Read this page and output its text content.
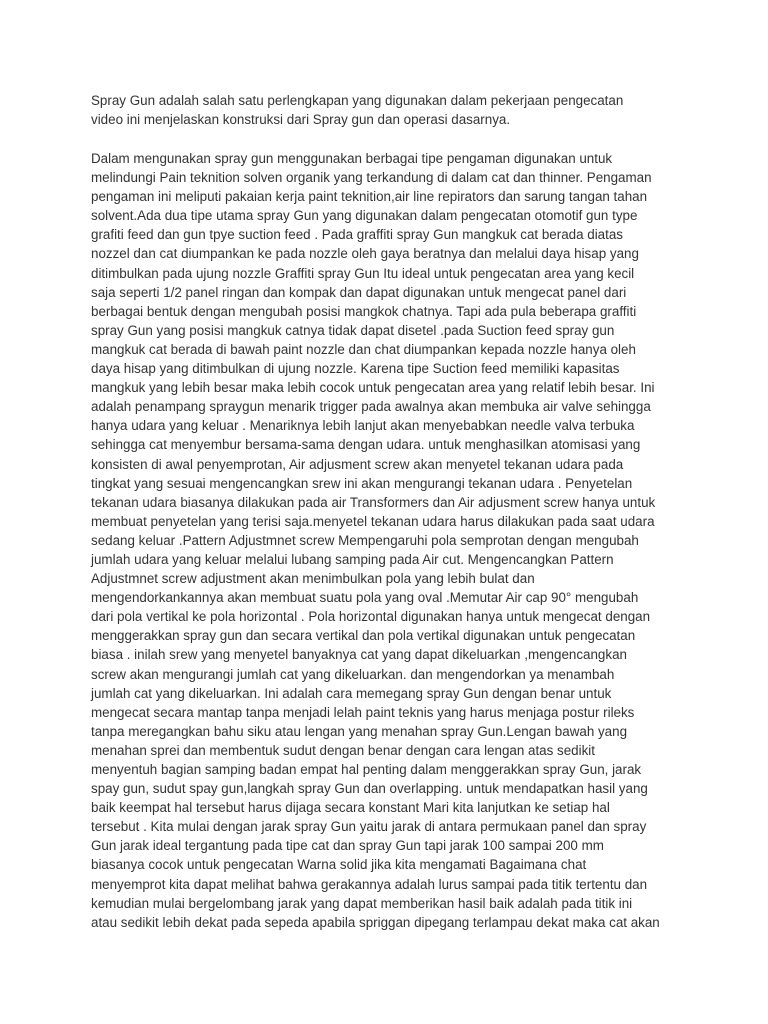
Spray Gun adalah salah satu perlengkapan yang digunakan dalam pekerjaan pengecatan
video ini menjelaskan konstruksi dari Spray gun dan operasi dasarnya.
Dalam mengunakan spray gun menggunakan berbagai tipe pengaman digunakan untuk
melindungi Pain teknition solven organik yang terkandung di dalam cat dan thinner. Pengaman
pengaman ini meliputi pakaian kerja paint teknition,air line repirators dan sarung tangan tahan
solvent.Ada dua tipe utama spray Gun yang digunakan dalam pengecatan otomotif gun type
grafiti feed dan gun tpye suction feed . Pada graffiti spray Gun mangkuk cat berada diatas
nozzel dan cat diumpankan ke pada nozzle oleh gaya beratnya dan melalui daya hisap yang
ditimbulkan pada ujung nozzle Graffiti spray Gun Itu ideal untuk pengecatan area yang kecil
saja seperti 1/2 panel ringan dan kompak dan dapat digunakan untuk mengecat panel dari
berbagai bentuk dengan mengubah posisi mangkok chatnya. Tapi ada pula beberapa graffiti
spray Gun yang posisi mangkuk catnya tidak dapat disetel .pada Suction feed spray gun
mangkuk cat berada di bawah paint nozzle dan chat diumpankan kepada nozzle hanya oleh
daya hisap yang ditimbulkan di ujung nozzle. Karena tipe Suction feed memiliki kapasitas
mangkuk yang lebih besar maka lebih cocok untuk pengecatan area yang relatif lebih besar. Ini
adalah penampang spraygun menarik trigger pada awalnya akan membuka air valve sehingga
hanya udara yang keluar . Menariknya lebih lanjut akan menyebabkan needle valva terbuka
sehingga cat menyembur bersama-sama dengan udara. untuk menghasilkan atomisasi yang
konsisten di awal penyemprotan, Air adjusment screw akan menyetel tekanan udara pada
tingkat yang sesuai mengencangkan srew ini akan mengurangi tekanan udara . Penyetelan
tekanan udara biasanya dilakukan pada air Transformers dan Air adjusment screw hanya untuk
membuat penyetelan yang terisi saja.menyetel tekanan udara harus dilakukan pada saat udara
sedang keluar .Pattern Adjustmnet screw Mempengaruhi pola semprotan dengan mengubah
jumlah udara yang keluar melalui lubang samping pada Air cut. Mengencangkan Pattern
Adjustmnet screw adjustment akan menimbulkan pola yang lebih bulat dan
mengendorkankannya akan membuat suatu pola yang oval .Memutar Air cap 90° mengubah
dari pola vertikal ke pola horizontal . Pola horizontal digunakan hanya untuk mengecat dengan
menggerakkan spray gun dan secara vertikal dan pola vertikal digunakan untuk pengecatan
biasa . inilah srew yang menyetel banyaknya cat yang dapat dikeluarkan ,mengencangkan
screw akan mengurangi jumlah cat yang dikeluarkan. dan mengendorkan ya menambah
jumlah cat yang dikeluarkan. Ini adalah cara memegang spray Gun dengan benar untuk
mengecat secara mantap tanpa menjadi lelah paint teknis yang harus menjaga postur rileks
tanpa meregangkan bahu siku atau lengan yang menahan spray Gun.Lengan bawah yang
menahan sprei dan membentuk sudut dengan benar dengan cara lengan atas sedikit
menyentuh bagian samping badan empat hal penting dalam menggerakkan spray Gun, jarak
spay gun, sudut spay gun,langkah spray Gun dan overlapping. untuk mendapatkan hasil yang
baik keempat hal tersebut harus dijaga secara konstant Mari kita lanjutkan ke setiap hal
tersebut . Kita mulai dengan jarak spray Gun yaitu jarak di antara permukaan panel dan spray
Gun jarak ideal tergantung pada tipe cat dan spray Gun tapi jarak 100 sampai 200 mm
biasanya cocok untuk pengecatan Warna solid jika kita mengamati Bagaimana chat
menyemprot kita dapat melihat bahwa gerakannya adalah lurus sampai pada titik tertentu dan
kemudian mulai bergelombang jarak yang dapat memberikan hasil baik adalah pada titik ini
atau sedikit lebih dekat pada sepeda apabila spriggan dipegang terlampau dekat maka cat akan
